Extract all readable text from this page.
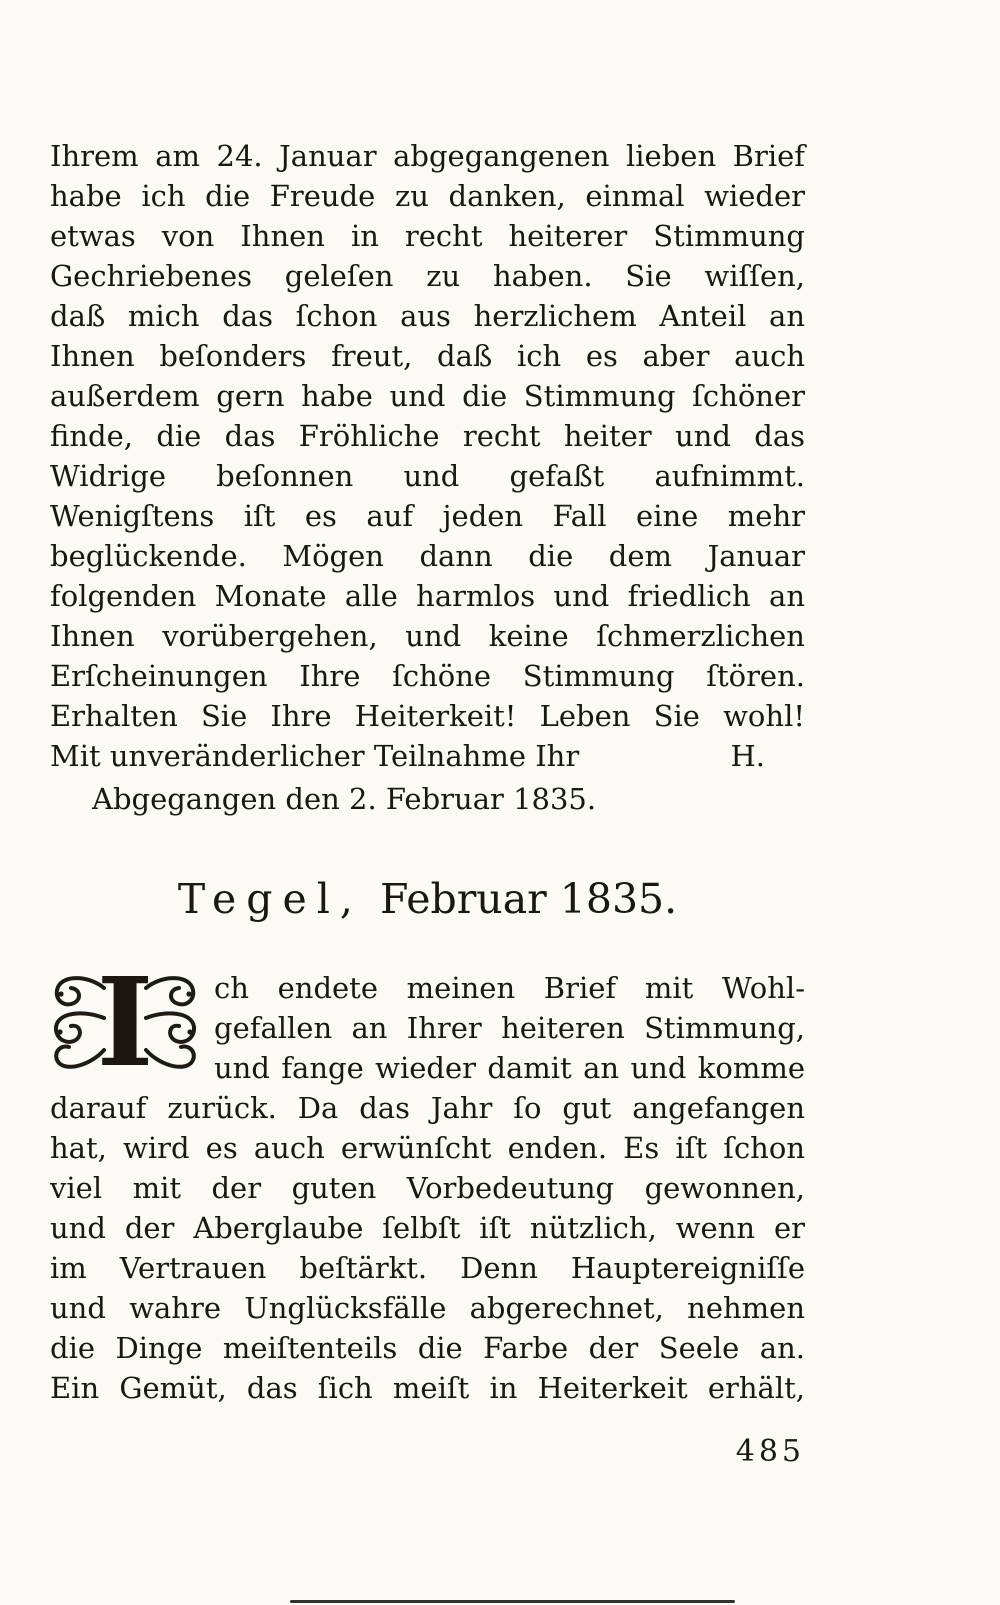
Ihrem am 24. Januar abgegangenen lieben Brief
habe ich die Freude zu danken, einmal wieder
etwas von Ihnen in recht heiterer Stimmung
Gechriebenes geleſen zu haben. Sie wiſſen,
daß mich das ſchon aus herzlichem Anteil an
Ihnen beſonders freut, daß ich es aber auch
außerdem gern habe und die Stimmung ſchöner
finde, die das Fröhliche recht heiter und das
Widrige beſonnen und gefaßt aufnimmt.
Wenigſtens iſt es auf jeden Fall eine mehr
beglückende. Mögen dann die dem Januar
folgenden Monate alle harmlos und friedlich an
Ihnen vorübergehen, und keine ſchmerzlichen
Erſcheinungen Ihre ſchöne Stimmung ſtören.
Erhalten Sie Ihre Heiterkeit! Leben Sie wohl!
Mit unveränderlicher Teilnahme Ihr	H.
Abgegangen den 2. Februar 1835.
Tegel, Februar 1835.
I	ch endete meinen Brief mit Wohl-
gefallen an Ihrer heiteren Stimmung,
und fange wieder damit an und komme
darauf zurück. Da das Jahr ſo gut angefangen
hat, wird es auch erwünſcht enden. Es iſt ſchon
viel mit der guten Vorbedeutung gewonnen,
und der Aberglaube ſelbſt iſt nützlich, wenn er
im Vertrauen beſtärkt. Denn Hauptereigniſſe
und wahre Unglücksfälle abgerechnet, nehmen
die Dinge meiſtenteils die Farbe der Seele an.
Ein Gemüt, das ſich meiſt in Heiterkeit erhält,
485
